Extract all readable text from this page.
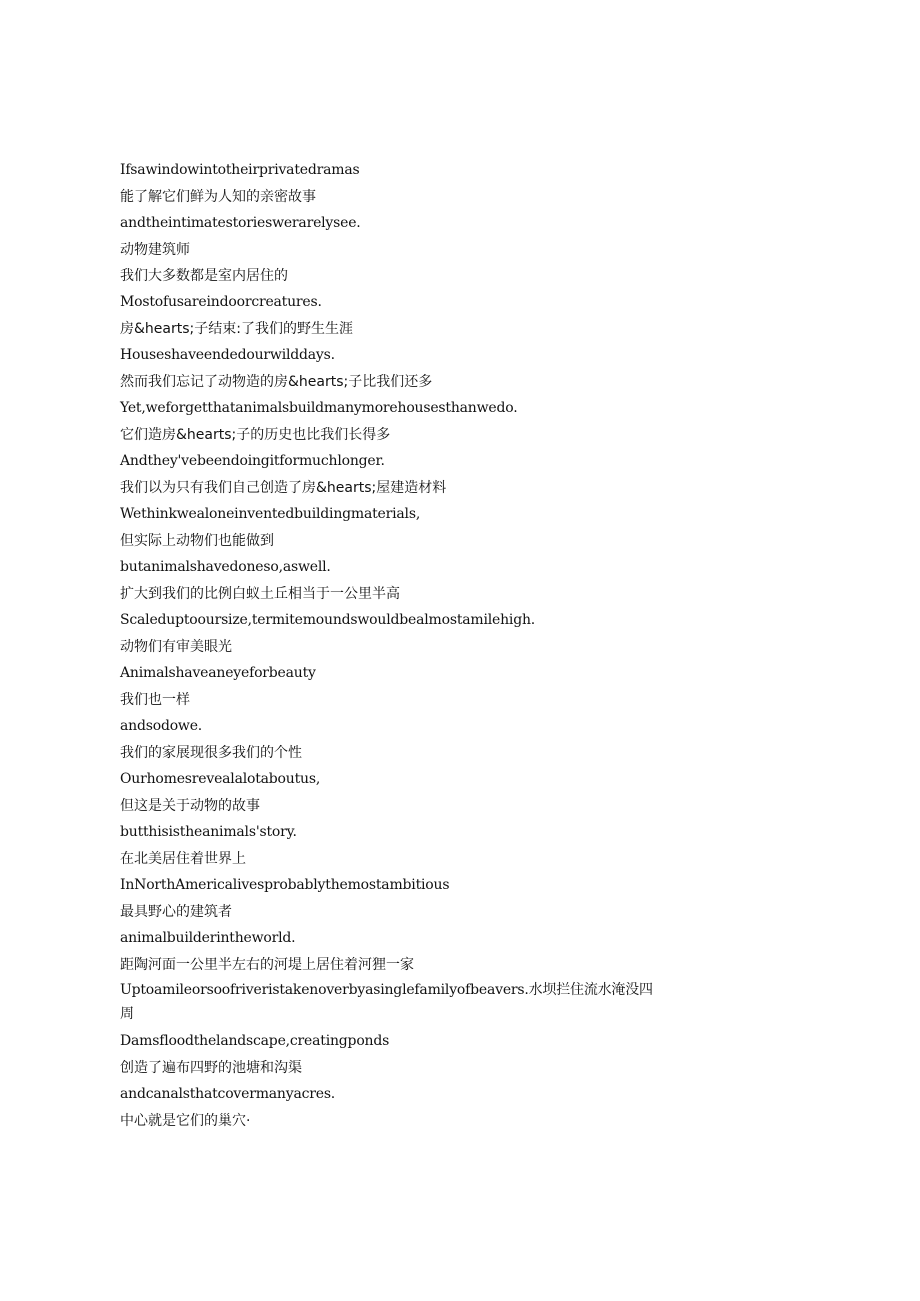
Ifsawindowintotheirprivatedramas

能了解它们鲜为人知的亲密故事

andtheintimatestorieswerarelysee.

动物建筑师

我们大多数都是室内居住的

Mostofusareindoorcreatures.

房&hearts;子结束:了我们的野生生涯

Houseshaveendedourwilddays.

然而我们忘记了动物造的房&hearts;子比我们还多

Yet,weforgetthatanimalsbuildmanymorehousesthanwedo.

它们造房&hearts;子的历史也比我们长得多

Andthey'vebeendoingitformuchlonger.

我们以为只有我们自己创造了房&hearts;屋建造材料

Wethinkwealoneinventedbuildingmaterials,

但实际上动物们也能做到

butanimalshavedoneso,aswell.

扩大到我们的比例白蚁土丘相当于一公里半高

Scaleduptooursize,termitemoundswouldbealmostamilehigh.

动物们有审美眼光

Animalshaveaneyeforbeauty

我们也一样

andsodowe.

我们的家展现很多我们的个性

Ourhomesrevealalotaboutus,

但这是关于动物的故事

butthisistheanimals'story.

在北美居住着世界上

InNorthAmericalivesprobablythemostambitious

最具野心的建筑者

animalbuilderintheworld.

距陶河面一公里半左右的河堤上居住着河狸一家

Uptoamileorsoofriveristakenoverbyasinglefamilyofbeavers.水坝拦住流水淹没四周

Damsfloodthelandscape,creatingponds

创造了遍布四野的池塘和沟渠

andcanalsthatcovermanyacres.

中心就是它们的巢穴·
